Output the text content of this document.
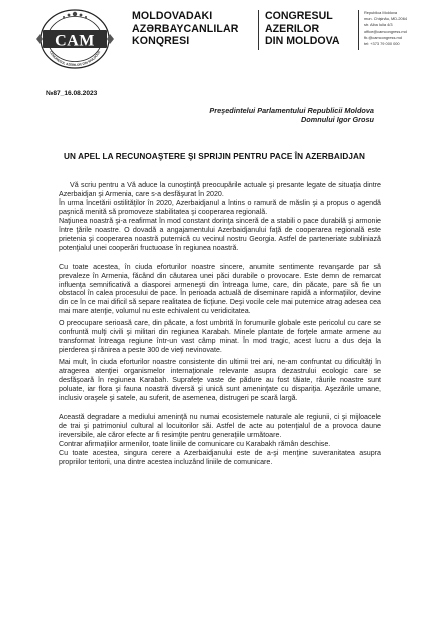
CAM
CONGRESUL AZERILOR DIN MOLDOVA
MOLDOVADAKI
AZƏRBAYCANLILAR
KONQRESI
CONGRESUL
AZERILOR
DIN MOLDOVA
Republica Moldova
mun. Chişinău, MD-2064
str. Alba Iulia 4/3
office@camcongress.md
fb.@camcongress.md
tel: +373 79 000 000
№87_16.08.2023
Preşedintelui Parlamentului Republicii Moldova
Domnului Igor Grosu
UN APEL LA RECUNOAŞTERE ŞI SPRIJIN PENTRU PACE ÎN AZERBAIDJAN

Vă scriu pentru a Vă aduce la cunoştinţă preocupările actuale şi presante legate de situaţia dintre Azerbaidjan şi Armenia, care s-a desfăşurat în 2020.

În urma încetării ostilităţilor în 2020, Azerbaidjanul a întins o ramură de măslin şi a propus o agendă paşnică menită să promoveze stabilitatea şi cooperarea regională.

Naţiunea noastră şi-a reafirmat în mod constant dorinţa sinceră de a stabili o pace durabilă şi armonie între ţările noastre. O dovadă a angajamentului Azerbaidjanului faţă de cooperarea regională este prietenia şi cooperarea noastră puternică cu vecinul nostru Georgia. Astfel de parteneriate subliniază potenţialul unei cooperări fructuoase în regiunea noastră.

Cu toate acestea, în ciuda eforturilor noastre sincere, anumite sentimente revanşarde par să prevaleze în Armenia, făcând din căutarea unei păci durabile o provocare. Este demn de remarcat influenţa semnificativă a diasporei armeneşti din întreaga lume, care, din păcate, pare să fie un obstacol în calea procesului de pace. În perioada actuală de diseminare rapidă a informaţiilor, devine din ce în ce mai dificil să separe realitatea de ficţiune. Deşi vocile cele mai puternice atrag adesea cea mai mare atenţie, volumul nu este echivalent cu veridicitatea.

O preocupare serioasă care, din păcate, a fost umbrită în forumurile globale este pericolul cu care se confruntă mulţi civili şi militari din regiunea Karabah. Minele plantate de forţele armate armene au transformat întreaga regiune într-un vast câmp minat. În mod tragic, acest lucru a dus deja la pierderea şi rănirea a peste 300 de vieţi nevinovate.

Mai mult, în ciuda eforturilor noastre consistente din ultimii trei ani, ne-am confruntat cu dificultăţi în atragerea atenţiei organismelor internaţionale relevante asupra dezastrului ecologic care se desfăşoară în regiunea Karabah. Suprafeţe vaste de pădure au fost tăiate, râurile noastre sunt poluate, iar flora şi fauna noastră diversă şi unică sunt ameninţate cu dispariţia. Aşezările umane, inclusiv oraşele şi satele, au suferit, de asemenea, distrugeri pe scară largă.

Această degradare a mediului ameninţă nu numai ecosistemele naturale ale regiunii, ci şi mijloacele de trai şi patrimoniul cultural al locuitorilor săi. Astfel de acte au potenţialul de a provoca daune ireversibile, ale căror efecte ar fi resimţite pentru generaţiile următoare.

Contrar afirmaţiilor armenilor, toate liniile de comunicare cu Karabakh rămân deschise.

Cu toate acestea, singura cerere a Azerbaidjanului este de a-şi menţine suveranitatea asupra propriilor teritorii, una dintre acestea incluzând liniile de comunicare.
